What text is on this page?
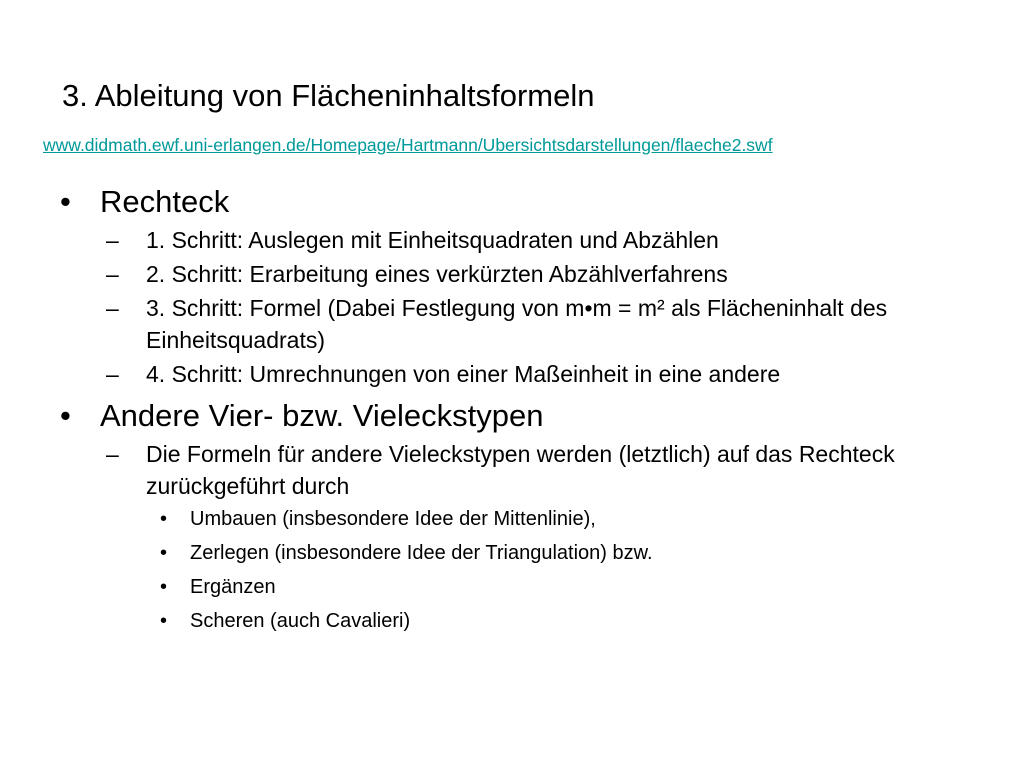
3. Ableitung von Flächeninhaltsformeln
www.didmath.ewf.uni-erlangen.de/Homepage/Hartmann/Ubersichtsdarstellungen/flaeche2.swf
• Rechteck
– 1. Schritt: Auslegen mit Einheitsquadraten und Abzählen
– 2. Schritt: Erarbeitung eines verkürzten Abzählverfahrens
– 3. Schritt: Formel (Dabei Festlegung von m•m = m² als Flächeninhalt des Einheitsquadrats)
– 4. Schritt: Umrechnungen von einer Maßeinheit in eine andere
• Andere Vier- bzw. Vieleckstypen
– Die Formeln für andere Vieleckstypen werden (letztlich) auf das Rechteck zurückgeführt durch
• Umbauen (insbesondere Idee der Mittenlinie),
• Zerlegen (insbesondere Idee der Triangulation) bzw.
• Ergänzen
• Scheren (auch Cavalieri)
